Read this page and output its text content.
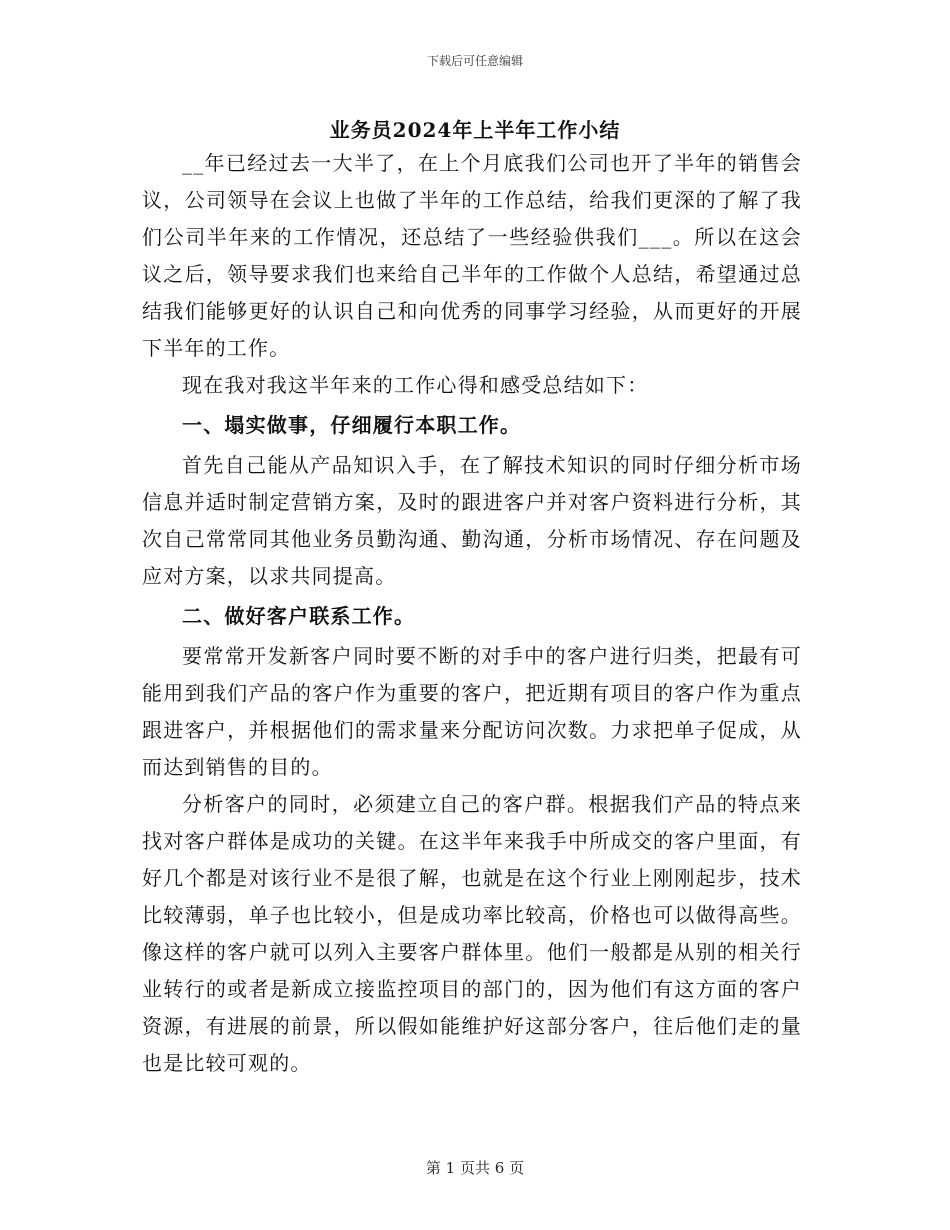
下载后可任意编辑
业务员2024年上半年工作小结

__年已经过去一大半了，在上个月底我们公司也开了半年的销售会议，公司领导在会议上也做了半年的工作总结，给我们更深的了解了我们公司半年来的工作情况，还总结了一些经验供我们___。所以在这会议之后，领导要求我们也来给自己半年的工作做个人总结，希望通过总结我们能够更好的认识自己和向优秀的同事学习经验，从而更好的开展下半年的工作。

现在我对我这半年来的工作心得和感受总结如下：

一、塌实做事，仔细履行本职工作。

首先自己能从产品知识入手，在了解技术知识的同时仔细分析市场信息并适时制定营销方案，及时的跟进客户并对客户资料进行分析，其次自己常常同其他业务员勤沟通、勤沟通，分析市场情况、存在问题及应对方案，以求共同提高。

二、做好客户联系工作。

要常常开发新客户同时要不断的对手中的客户进行归类，把最有可能用到我们产品的客户作为重要的客户，把近期有项目的客户作为重点跟进客户，并根据他们的需求量来分配访问次数。力求把单子促成，从而达到销售的目的。

分析客户的同时，必须建立自己的客户群。根据我们产品的特点来找对客户群体是成功的关键。在这半年来我手中所成交的客户里面，有好几个都是对该行业不是很了解，也就是在这个行业上刚刚起步，技术比较薄弱，单子也比较小，但是成功率比较高，价格也可以做得高些。像这样的客户就可以列入主要客户群体里。他们一般都是从别的相关行业转行的或者是新成立接监控项目的部门的，因为他们有这方面的客户资源，有进展的前景，所以假如能维护好这部分客户，往后他们走的量也是比较可观的。

第 1 页共 6 页
